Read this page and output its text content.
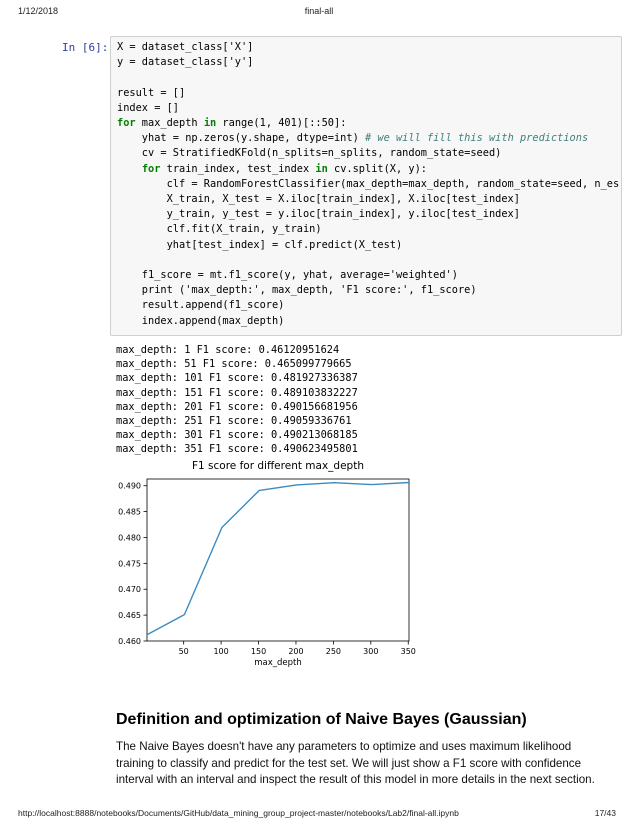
1/12/2018	final-all
In [6]: X = dataset_class['X']
y = dataset_class['y']

result = []
index = []
for max_depth in range(1, 401)[::50]:
yhat = np.zeros(y.shape, dtype=int) # we will fill this with predictions
cv = StratifiedKFold(n_splits=n_splits, random_state=seed)
for train_index, test_index in cv.split(X, y):
clf = RandomForestClassifier(max_depth=max_depth, random_state=seed, n_es
X_train, X_test = X.iloc[train_index], X.iloc[test_index]
y_train, y_test = y.iloc[train_index], y.iloc[test_index]
clf.fit(X_train, y_train)
yhat[test_index] = clf.predict(X_test)

f1_score = mt.f1_score(y, yhat, average='weighted')
print ('max_depth:', max_depth, 'F1 score:', f1_score)
result.append(f1_score)
index.append(max_depth)

max_depth: 1 F1 score: 0.46120951624
max_depth: 51 F1 score: 0.465099779665
max_depth: 101 F1 score: 0.481927336387
max_depth: 151 F1 score: 0.489103832227
max_depth: 201 F1 score: 0.490156681956
max_depth: 251 F1 score: 0.49059336761
max_depth: 301 F1 score: 0.490213068185
max_depth: 351 F1 score: 0.490623495801

F1 score for different max_depth
0.460
0.465
0.470
0.475
0.480
0.485
0.490
50	100	150	200	250	300	350
max_depth
Definition and optimization of Naive Bayes (Gaussian)

The Naive Bayes doesn't have any parameters to optimize and uses maximum likelihood training to classify and predict for the test set. We will just show a F1 score with confidence interval with an interval and inspect the result of this model in more details in the next section.

http://localhost:8888/notebooks/Documents/GitHub/data_mining_group_project-master/notebooks/Lab2/final-all.ipynb	17/43
